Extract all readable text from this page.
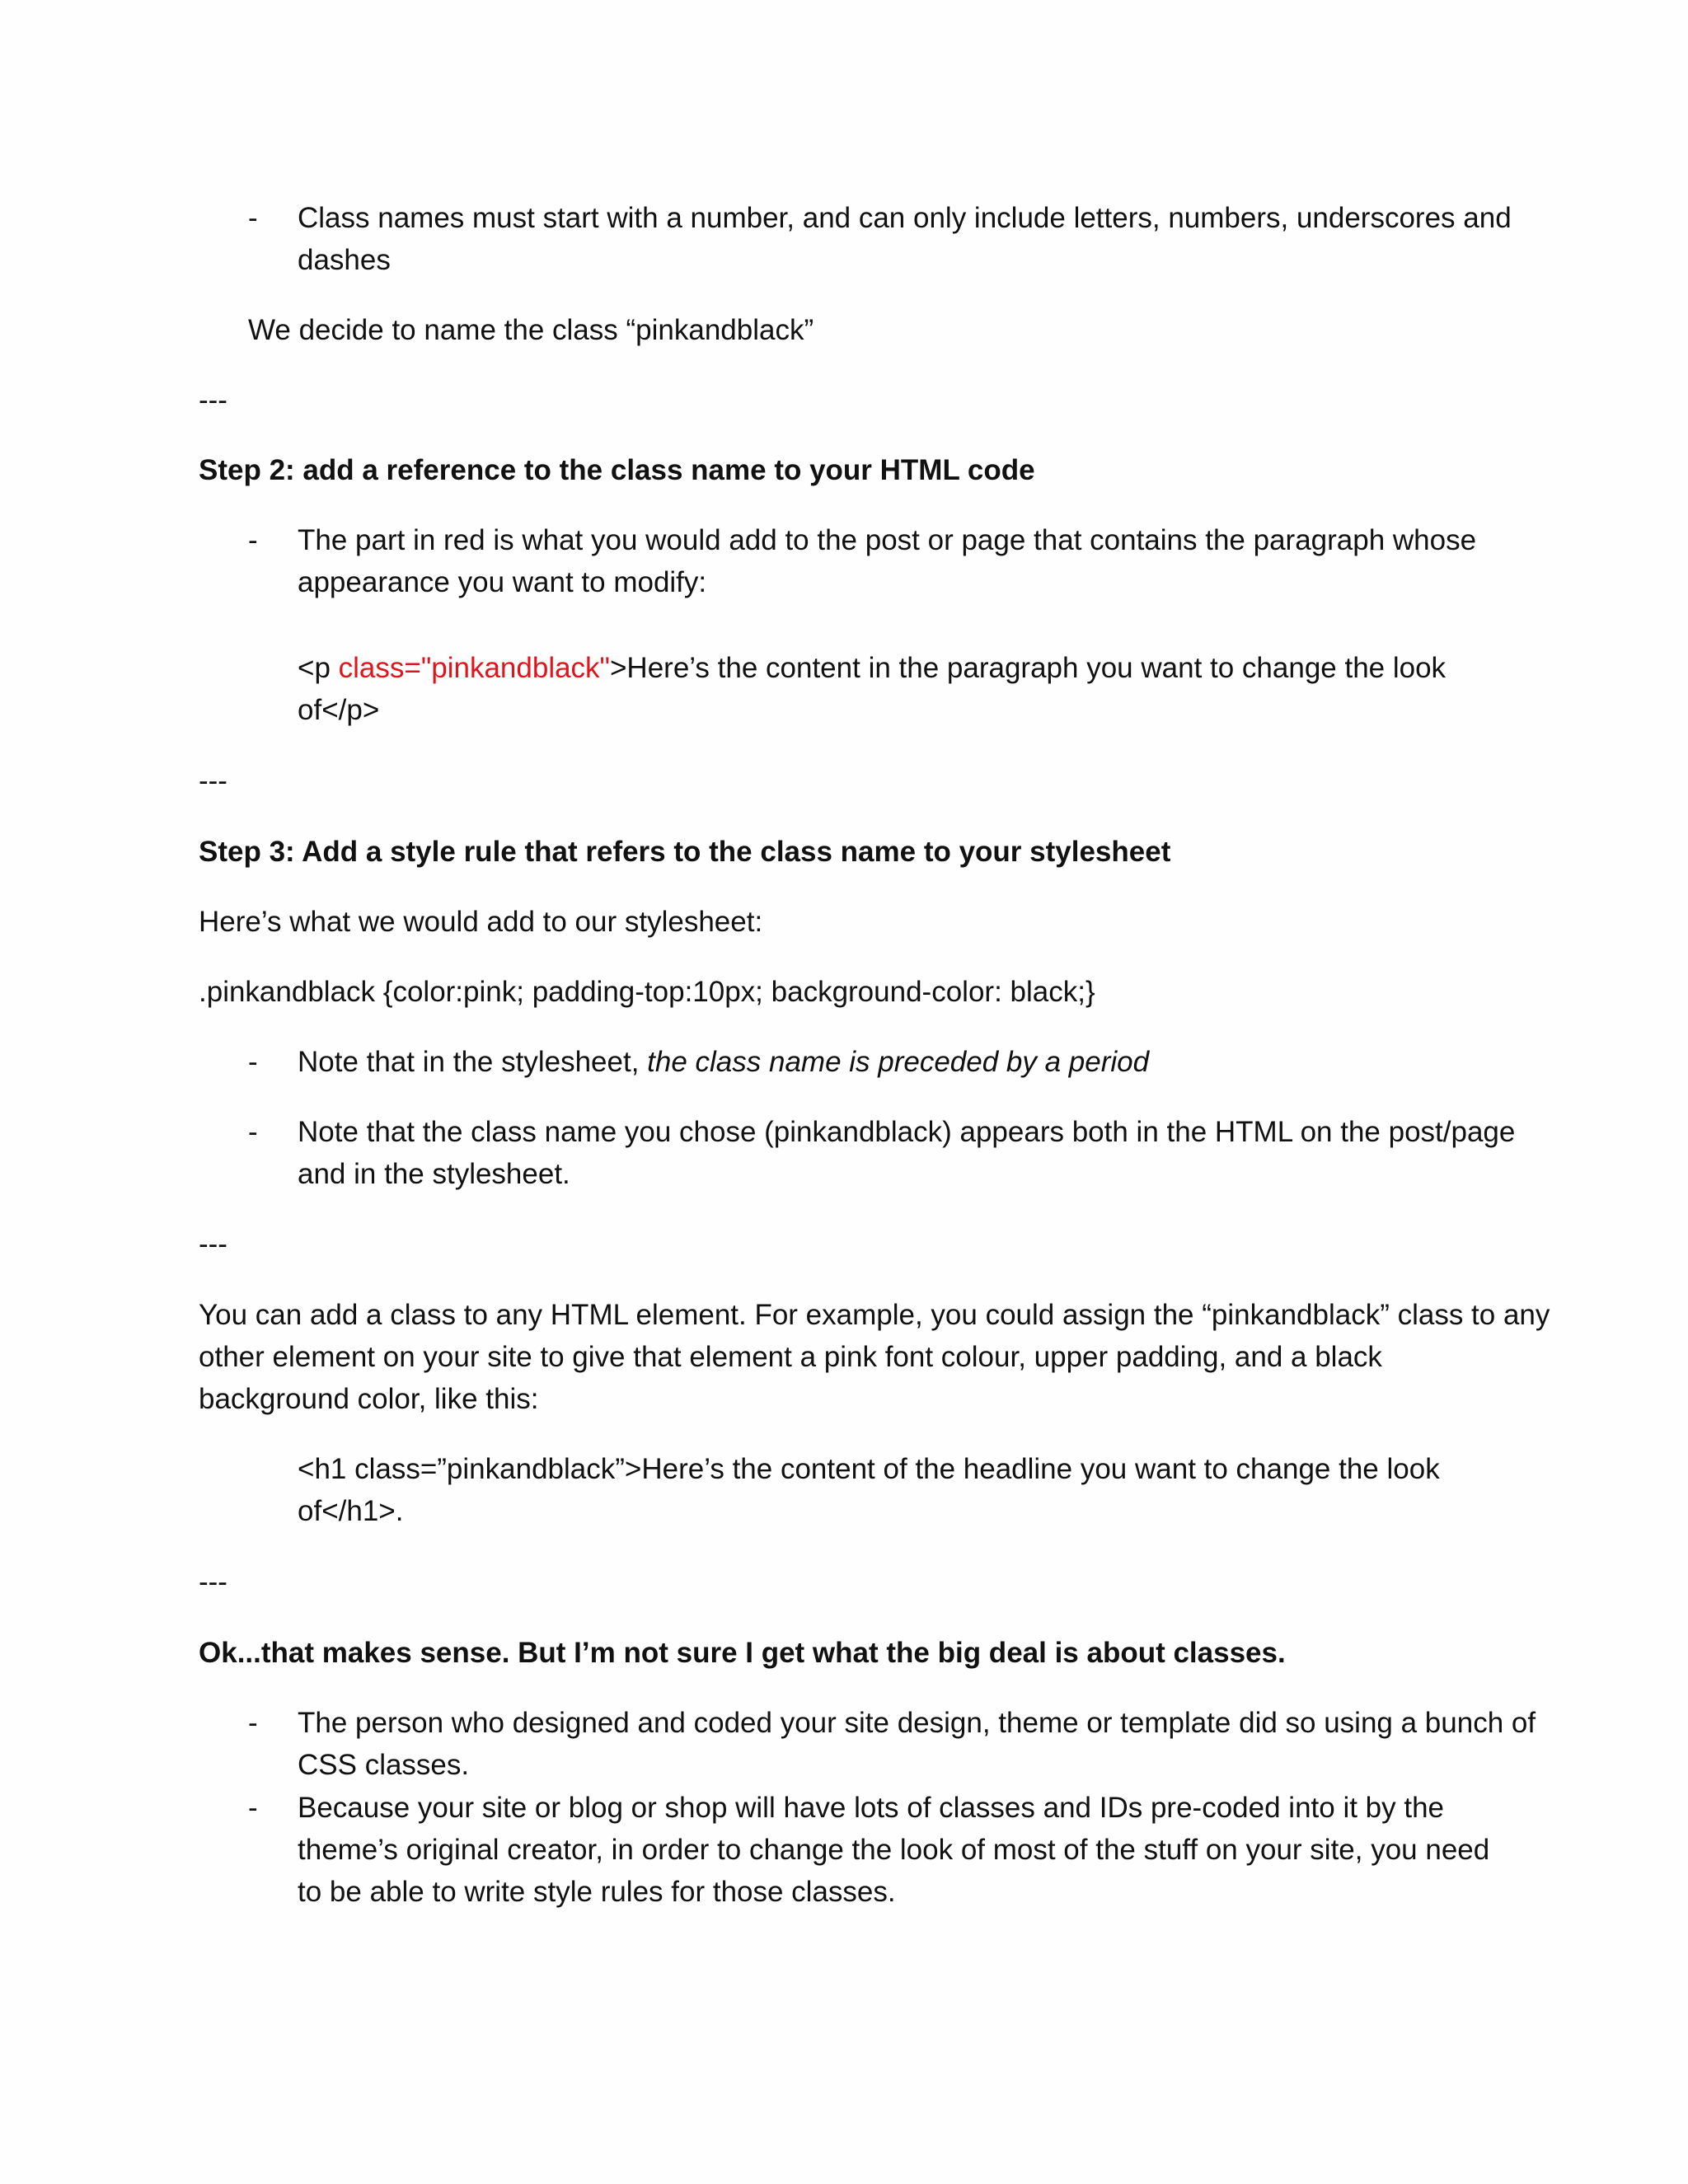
-	Class names must start with a number, and can only include letters, numbers, underscores and
dashes

We decide to name the class “pinkandblack”

---

Step 2: add a reference to the class name to your HTML code

-	The part in red is what you would add to the post or page that contains the paragraph whose
appearance you want to modify:

<p class="pinkandblack">Here’s the content in the paragraph you want to change the look
of</p>

---

Step 3: Add a style rule that refers to the class name to your stylesheet

Here’s what we would add to our stylesheet:

.pinkandblack {color:pink; padding-top:10px; background-color: black;}

-	Note that in the stylesheet, the class name is preceded by a period

-	Note that the class name you chose (pinkandblack) appears both in the HTML on the post/page
and in the stylesheet.

---

You can add a class to any HTML element. For example, you could assign the “pinkandblack” class to any
other element on your site to give that element a pink font colour, upper padding, and a black
background color, like this:

<h1 class=”pinkandblack”>Here’s the content of the headline you want to change the look
of</h1>.

---

Ok...that makes sense. But I’m not sure I get what the big deal is about classes.

-	The person who designed and coded your site design, theme or template did so using a bunch of
CSS classes.

-	Because your site or blog or shop will have lots of classes and IDs pre-coded into it by the
theme’s original creator, in order to change the look of most of the stuff on your site, you need
to be able to write style rules for those classes.
